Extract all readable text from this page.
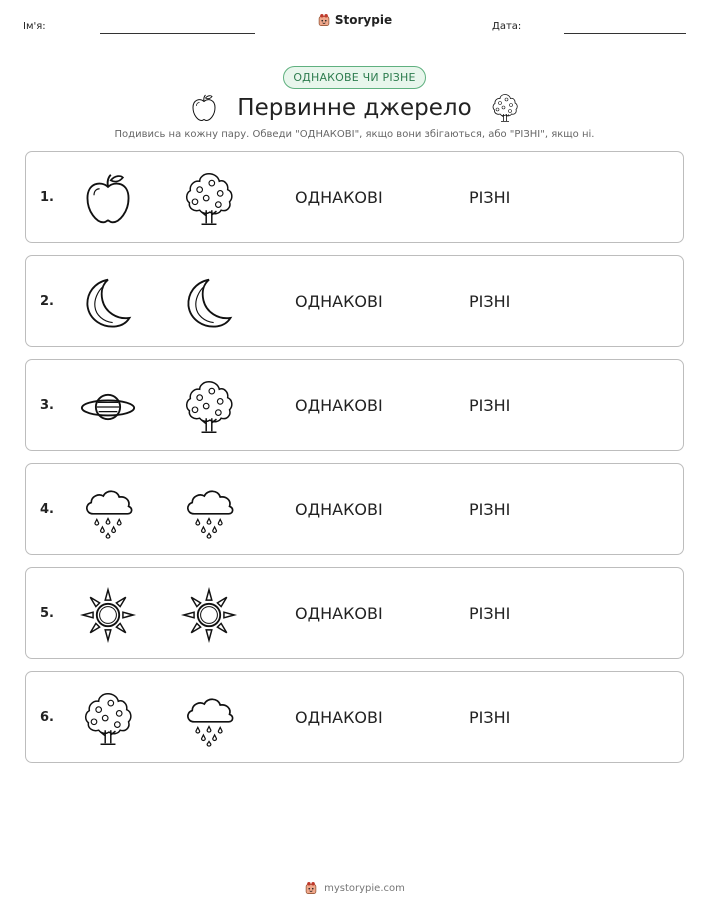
Ім'я:	Storypie	Дата:
ОДНАКОВЕ ЧИ РІЗНЕ
Первинне джерело
Подивись на кожну пару. Обведи "ОДНАКОВІ", якщо вони збігаються, або "РІЗНІ", якщо ні.
1.	ОДНАКОВІ	РІЗНІ
2.	ОДНАКОВІ	РІЗНІ
3.	ОДНАКОВІ	РІЗНІ
4.	ОДНАКОВІ	РІЗНІ
5.	ОДНАКОВІ	РІЗНІ
6.	ОДНАКОВІ	РІЗНІ
mystorypie.com
